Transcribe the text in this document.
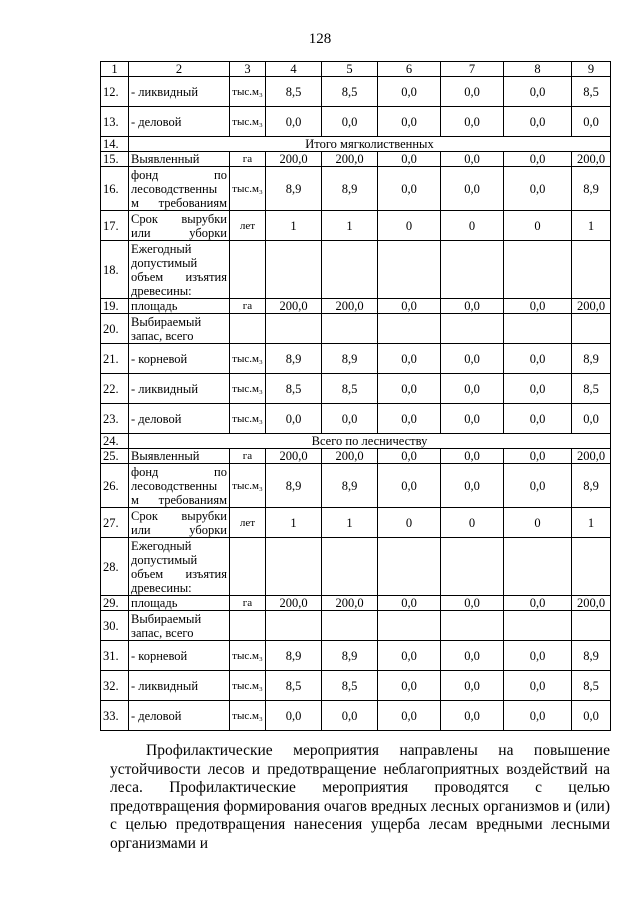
128
1	2	3	4	5	6	7	8	9
12.	- ликвидный	тыс.м₃	8,5	8,5	0,0	0,0	0,0	8,5
13.	- деловой	тыс.м₃	0,0	0,0	0,0	0,0	0,0	0,0
14.	Итого мягколиственных							
15.	Выявленный	га	200,0	200,0	0,0	0,0	0,0	200,0
16.	фонд по лесоводственны м требованиям	тыс.м₃	8,9	8,9	0,0	0,0	0,0	8,9
17.	Срок вырубки или уборки	лет	1	1	0	0	0	1
18.	Ежегодный допустимый объем изъятия древесины:							
19.	площадь	га	200,0	200,0	0,0	0,0	0,0	200,0
20.	Выбираемый запас, всего							
21.	- корневой	тыс.м₃	8,9	8,9	0,0	0,0	0,0	8,9
22.	- ликвидный	тыс.м₃	8,5	8,5	0,0	0,0	0,0	8,5
23.	- деловой	тыс.м₃	0,0	0,0	0,0	0,0	0,0	0,0
24.	Всего по лесничеству							
25.	Выявленный	га	200,0	200,0	0,0	0,0	0,0	200,0
26.	фонд по лесоводственны м требованиям	тыс.м₃	8,9	8,9	0,0	0,0	0,0	8,9
27.	Срок вырубки или уборки	лет	1	1	0	0	0	1
28.	Ежегодный допустимый объем изъятия древесины:							
29.	площадь	га	200,0	200,0	0,0	0,0	0,0	200,0
30.	Выбираемый запас, всего							
31.	- корневой	тыс.м₃	8,9	8,9	0,0	0,0	0,0	8,9
32.	- ликвидный	тыс.м₃	8,5	8,5	0,0	0,0	0,0	8,5
33.	- деловой	тыс.м₃	0,0	0,0	0,0	0,0	0,0	0,0

Профилактические мероприятия направлены на повышение устойчивости лесов и предотвращение неблагоприятных воздействий на леса. Профилактические мероприятия проводятся с целью предотвращения формирования очагов вредных лесных организмов и (или) с целью предотвращения нанесения ущерба лесам вредными лесными организмами и
